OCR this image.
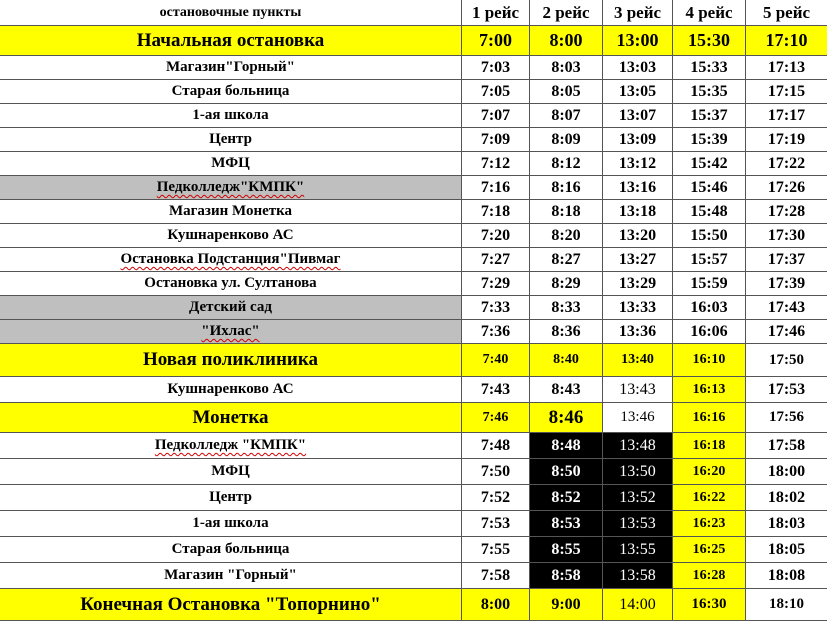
остановочные пункты	1 рейс	2 рейс	3 рейс	4 рейс	5 рейс
Начальная остановка	7:00	8:00	13:00	15:30	17:10
Магазин"Горный"	7:03	8:03	13:03	15:33	17:13
Старая больница	7:05	8:05	13:05	15:35	17:15
1-ая школа	7:07	8:07	13:07	15:37	17:17
Центр	7:09	8:09	13:09	15:39	17:19
МФЦ	7:12	8:12	13:12	15:42	17:22
Педколледж"КМПК"	7:16	8:16	13:16	15:46	17:26
Магазин Монетка	7:18	8:18	13:18	15:48	17:28
Кушнаренково АС	7:20	8:20	13:20	15:50	17:30
Остановка Подстанция"Пивмаг	7:27	8:27	13:27	15:57	17:37
Остановка ул. Султанова	7:29	8:29	13:29	15:59	17:39
Детский сад	7:33	8:33	13:33	16:03	17:43
"Ихлас"	7:36	8:36	13:36	16:06	17:46
Новая поликлиника	7:40	8:40	13:40	16:10	17:50
Кушнаренково АС	7:43	8:43	13:43	16:13	17:53
Монетка	7:46	8:46	13:46	16:16	17:56
Педколледж "КМПК"	7:48	8:48	13:48	16:18	17:58
МФЦ	7:50	8:50	13:50	16:20	18:00
Центр	7:52	8:52	13:52	16:22	18:02
1-ая школа	7:53	8:53	13:53	16:23	18:03
Старая больница	7:55	8:55	13:55	16:25	18:05
Магазин "Горный"	7:58	8:58	13:58	16:28	18:08
Конечная Остановка "Топорнино"	8:00	9:00	14:00	16:30	18:10
